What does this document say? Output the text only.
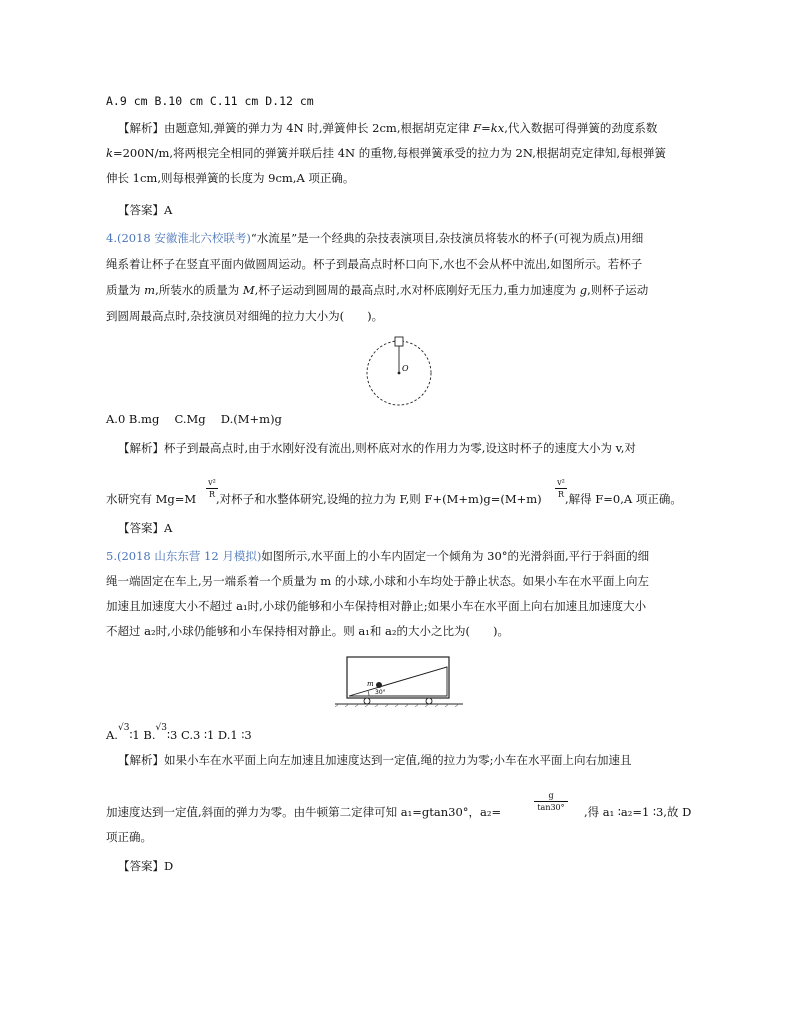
A.9 cm B.10 cm C.11 cm D.12 cm
【解析】由题意知,弹簧的弹力为 4N 时,弹簧伸长 2cm,根据胡克定律 F=kx,代入数据可得弹簧的劲度系数
k=200N/m,将两根完全相同的弹簧并联后挂 4N 的重物,每根弹簧承受的拉力为 2N,根据胡克定律知,每根弹簧
伸长 1cm,则每根弹簧的长度为 9cm,A 项正确。
【答案】A
4.(2018 安徽淮北六校联考)“水流星”是一个经典的杂技表演项目,杂技演员将装水的杯子(可视为质点)用细
绳系着让杯子在竖直平面内做圆周运动。杯子到最高点时杯口向下,水也不会从杯中流出,如图所示。若杯子
质量为 m,所装水的质量为 M,杯子运动到圆周的最高点时,水对杯底刚好无压力,重力加速度为 g,则杯子运动
到圆周最高点时,杂技演员对细绳的拉力大小为(　　)。
O
A.0 B.mg　 C.Mg　 D.(M+m)g
【解析】杯子到最高点时,由于水刚好没有流出,则杯底对水的作用力为零,设这时杯子的速度大小为 v,对
水研究有 Mg=M
v²
R ,对杯子和水整体研究,设绳的拉力为 F,则 F+(M+m)g=(M+m)
v²
R ,解得 F=0,A 项正确。
【答案】A
5.(2018 山东东营 12 月模拟)如图所示,水平面上的小车内固定一个倾角为 30°的光滑斜面,平行于斜面的细
绳一端固定在车上,另一端系着一个质量为 m 的小球,小球和小车均处于静止状态。如果小车在水平面上向左
加速且加速度大小不超过 a₁时,小球仍能够和小车保持相对静止;如果小车在水平面上向右加速且加速度大小
不超过 a₂时,小球仍能够和小车保持相对静止。则 a₁和 a₂的大小之比为(　　)。
m
30°
A.$^{√3}$∶1 B.$^{√3}$∶3 C.3 ∶1 D.1 ∶3
【解析】如果小车在水平面上向左加速且加速度达到一定值,绳的拉力为零;小车在水平面上向右加速且
加速度达到一定值,斜面的弹力为零。由牛顿第二定律可知 a₁=gtan30°，a₂=
g
tan30° ,得 a₁ ∶a₂=1 ∶3,故 D
项正确。
【答案】D
